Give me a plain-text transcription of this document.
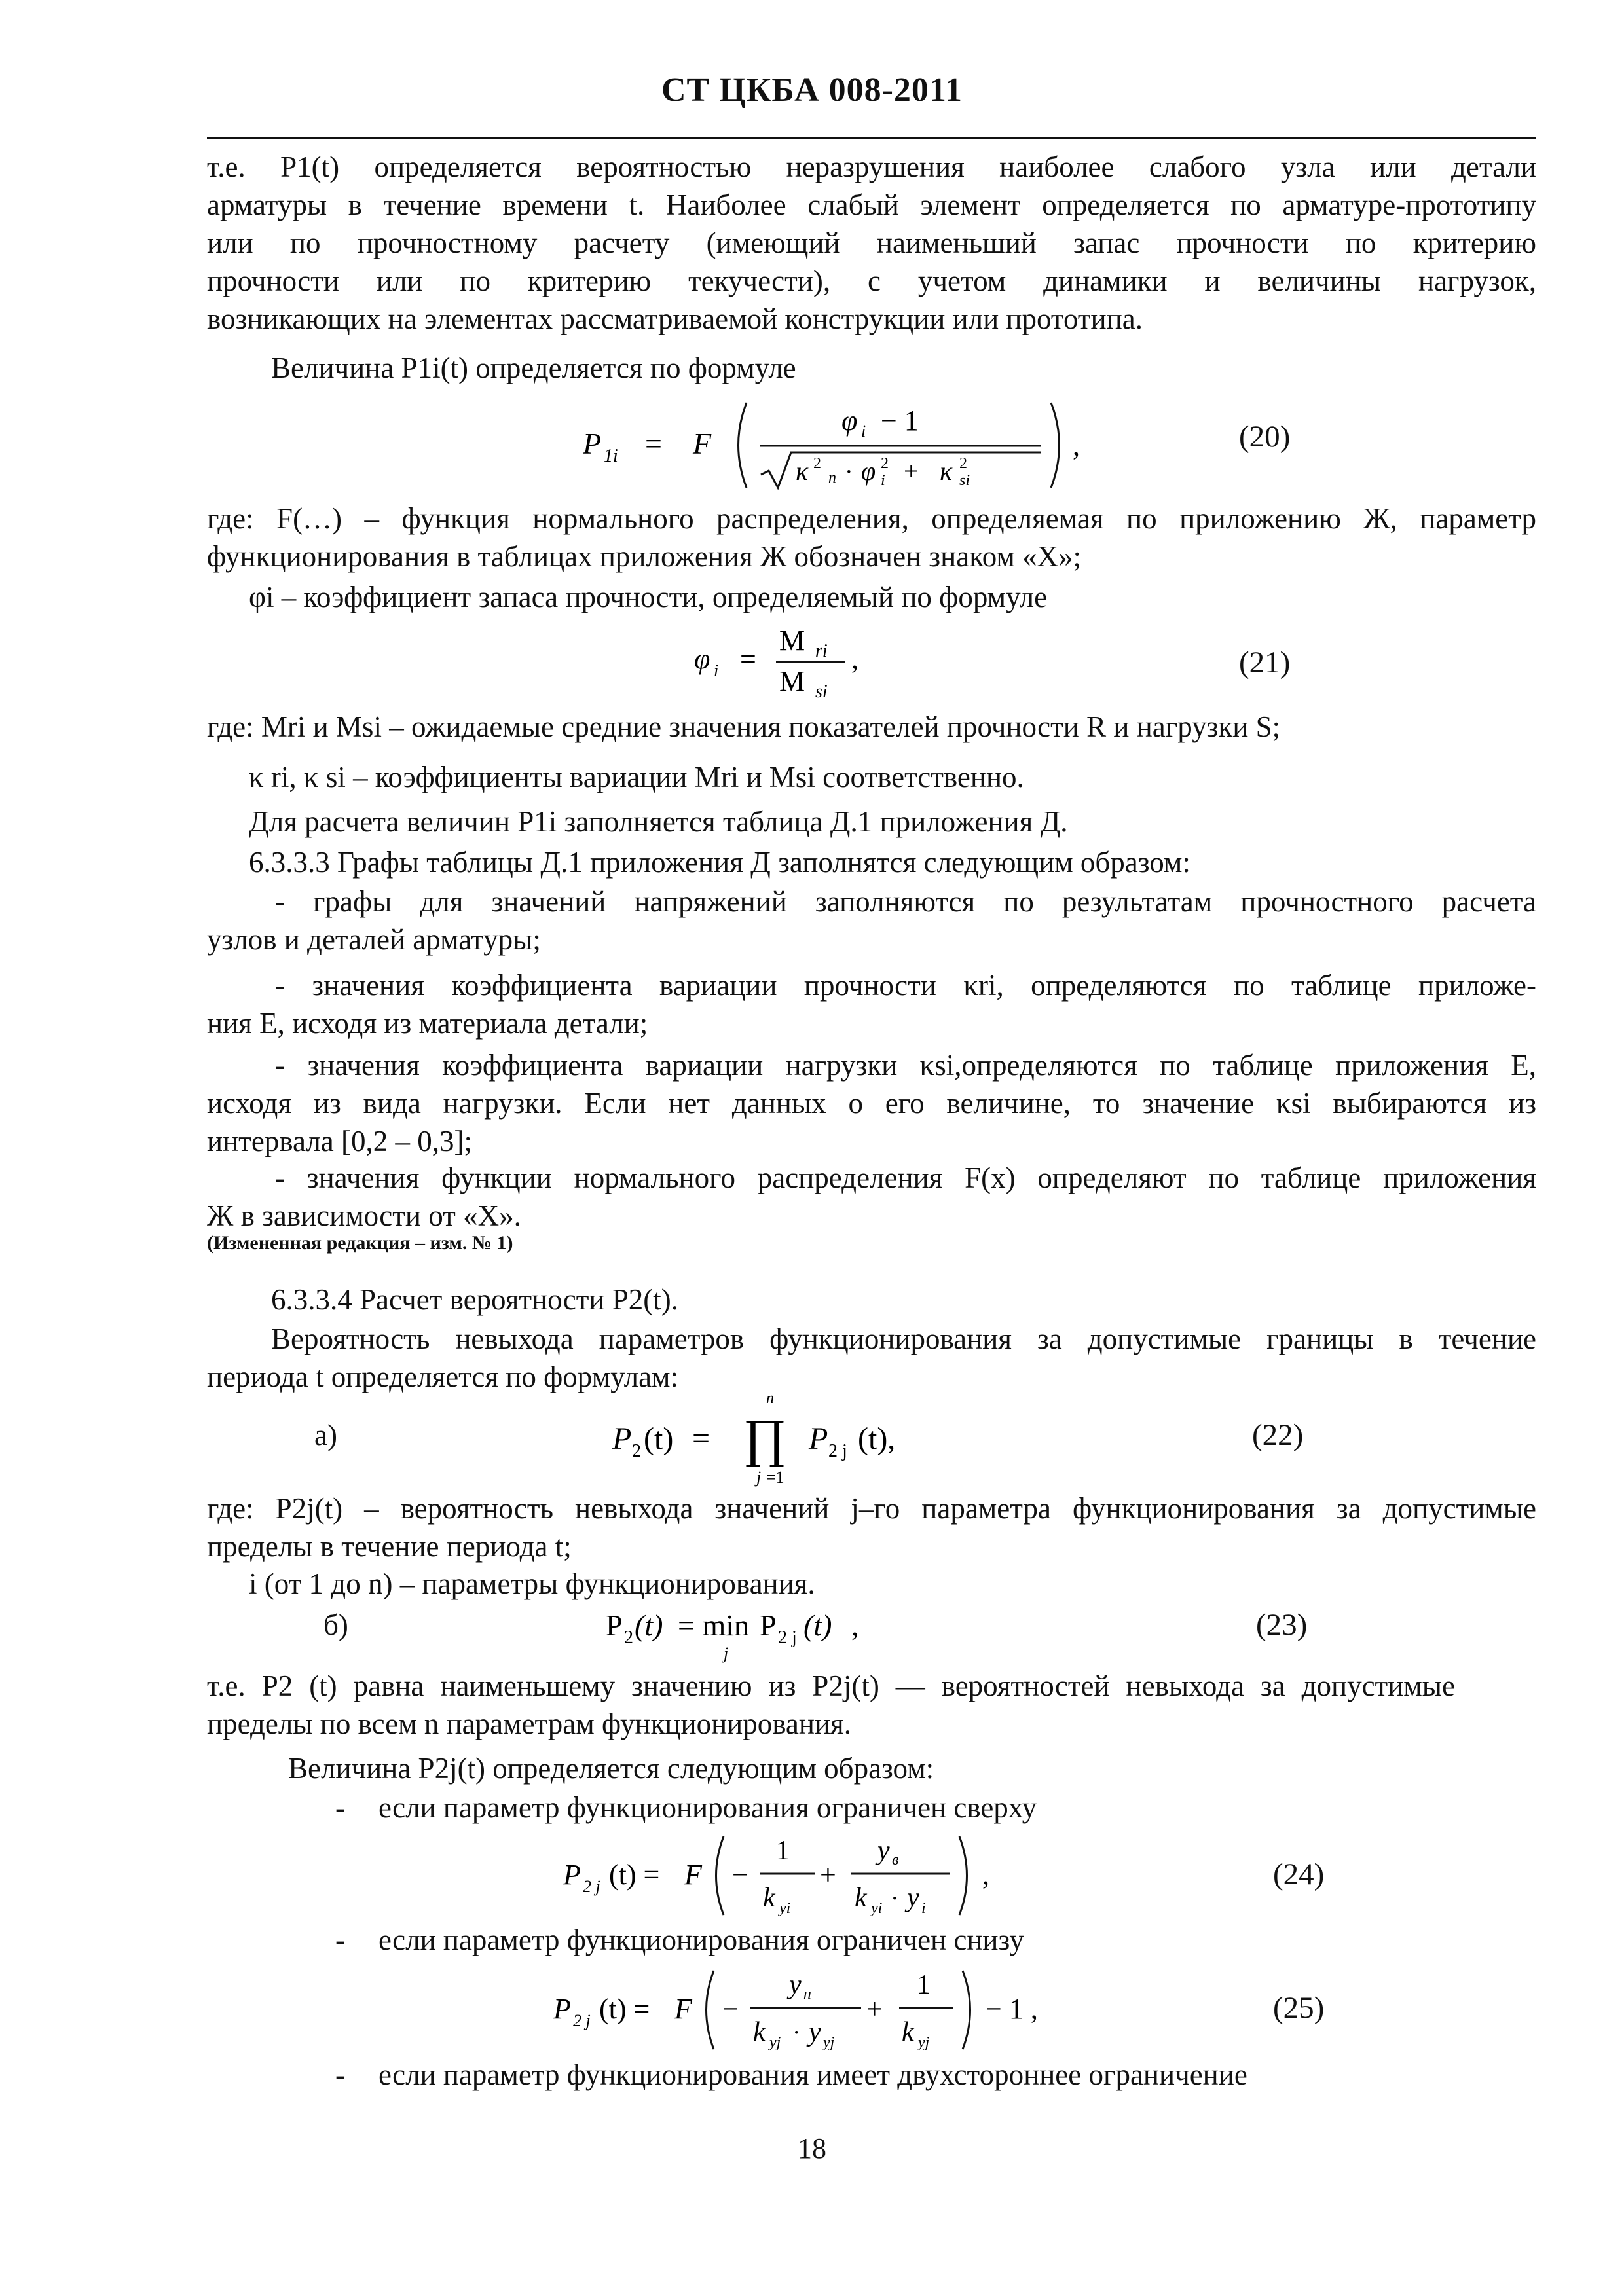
СТ ЦКБА 008-2011
т.е. P1(t) определяется вероятностью неразрушения наиболее слабого узла или детали
арматуры в течение времени t. Наиболее слабый элемент определяется по арматуре-прототипу
или по прочностному расчету (имеющий наименьший запас прочности по критерию
прочности или по критерию текучести), с учетом динамики и величины нагрузок,
возникающих на элементах рассматриваемой конструкции или прототипа.
Величина P1i(t) определяется по формуле
P 1i = F
φ i − 1
κ 2
n · φ 2
i + κ 2
si
,	(20)
где: F(…) – функция нормального распределения, определяемая по приложению Ж, параметр
функционирования в таблицах приложения Ж обозначен знаком «X»;
φi – коэффициент запаса прочности, определяемый по формуле
φ i =
M ri
M si
,	(21)
где: Mri и Msi – ожидаемые средние значения показателей прочности R и нагрузки S;
κ ri, κ si – коэффициенты вариации Mri и Msi соответственно.
Для расчета величин P1i заполняется таблица Д.1 приложения Д.
6.3.3.3 Графы таблицы Д.1 приложения Д заполнятся следующим образом:
- графы для значений напряжений заполняются по результатам прочностного расчета
узлов и деталей арматуры;
- значения коэффициента вариации прочности κri, определяются по таблице приложе-
ния Е, исходя из материала детали;
- значения коэффициента вариации нагрузки κsi,определяются по таблице приложения Е,
исходя из вида нагрузки. Если нет данных о его величине, то значение κsi выбираются из
интервала [0,2 – 0,3];
- значения функции нормального распределения F(x) определяют по таблице приложения
Ж в зависимости от «X».
(Измененная редакция – изм. № 1)
6.3.3.4 Расчет вероятности P2(t).
Вероятность невыхода параметров функционирования за допустимые границы в течение
периода t определяется по формулам:
а)	P 2 (t) =
n
∏
j =1
P 2 j (t),	(22)
где: P2j(t) – вероятность невыхода значений j–го параметра функционирования за допустимые
пределы в течение периода t;
i (от 1 до n) – параметры функционирования.
б)	P 2 (t) = min
j
P 2 j (t) ,	(23)
т.е. P2 (t) равна наименьшему значению из P2j(t) — вероятностей невыхода за допустимые
пределы по всем n параметрам функционирования.
Величина P2j(t) определяется следующим образом:
- если параметр функционирования ограничен сверху
P 2 j (t) = F −
1
k yi
+
y в
k yi · y i
,	(24)
- если параметр функционирования ограничен снизу
P 2 j (t) = F −
y н
k yj · y yj
+
1
k yj
− 1 ,	(25)
- если параметр функционирования имеет двухстороннее ограничение
18
